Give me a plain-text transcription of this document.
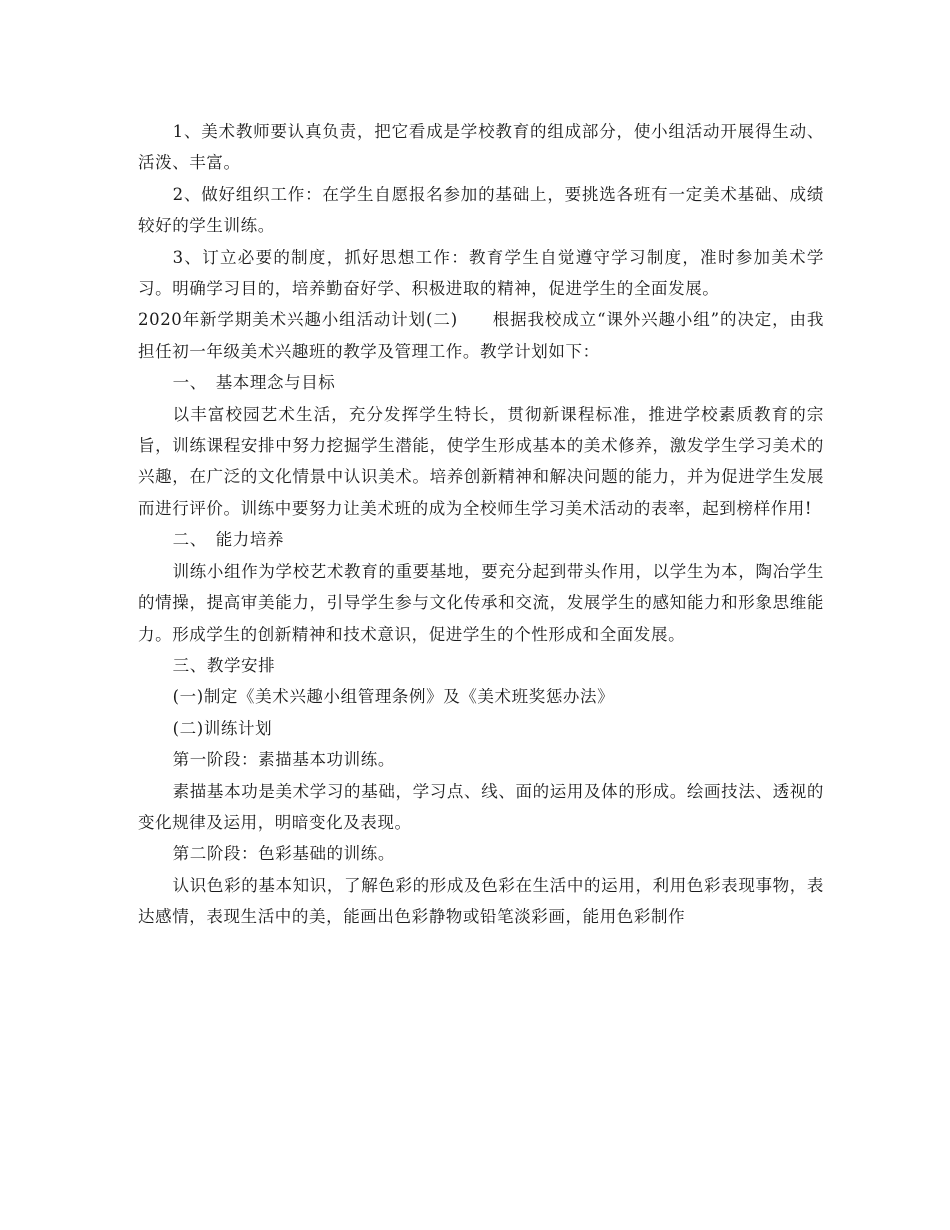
1、美术教师要认真负责，把它看成是学校教育的组成部分，使小组活动开展得生动、活泼、丰富。

2、做好组织工作：在学生自愿报名参加的基础上，要挑选各班有一定美术基础、成绩较好的学生训练。

3、订立必要的制度，抓好思想工作：教育学生自觉遵守学习制度，准时参加美术学习。明确学习目的，培养勤奋好学、积极进取的精神，促进学生的全面发展。

2020年新学期美术兴趣小组活动计划(二)　　根据我校成立“课外兴趣小组”的决定，由我担任初一年级美术兴趣班的教学及管理工作。教学计划如下：

一、　基本理念与目标

以丰富校园艺术生活，充分发挥学生特长，贯彻新课程标准，推进学校素质教育的宗旨，训练课程安排中努力挖掘学生潜能，使学生形成基本的美术修养，激发学生学习美术的兴趣，在广泛的文化情景中认识美术。培养创新精神和解决问题的能力，并为促进学生发展而进行评价。训练中要努力让美术班的成为全校师生学习美术活动的表率，起到榜样作用!

二、　能力培养

训练小组作为学校艺术教育的重要基地，要充分起到带头作用，以学生为本，陶冶学生的情操，提高审美能力，引导学生参与文化传承和交流，发展学生的感知能力和形象思维能力。形成学生的创新精神和技术意识，促进学生的个性形成和全面发展。

三、教学安排

(一)制定《美术兴趣小组管理条例》及《美术班奖惩办法》

(二)训练计划

第一阶段：素描基本功训练。

素描基本功是美术学习的基础，学习点、线、面的运用及体的形成。绘画技法、透视的变化规律及运用，明暗变化及表现。

第二阶段：色彩基础的训练。

认识色彩的基本知识，了解色彩的形成及色彩在生活中的运用，利用色彩表现事物，表达感情，表现生活中的美，能画出色彩静物或铅笔淡彩画，能用色彩制作
